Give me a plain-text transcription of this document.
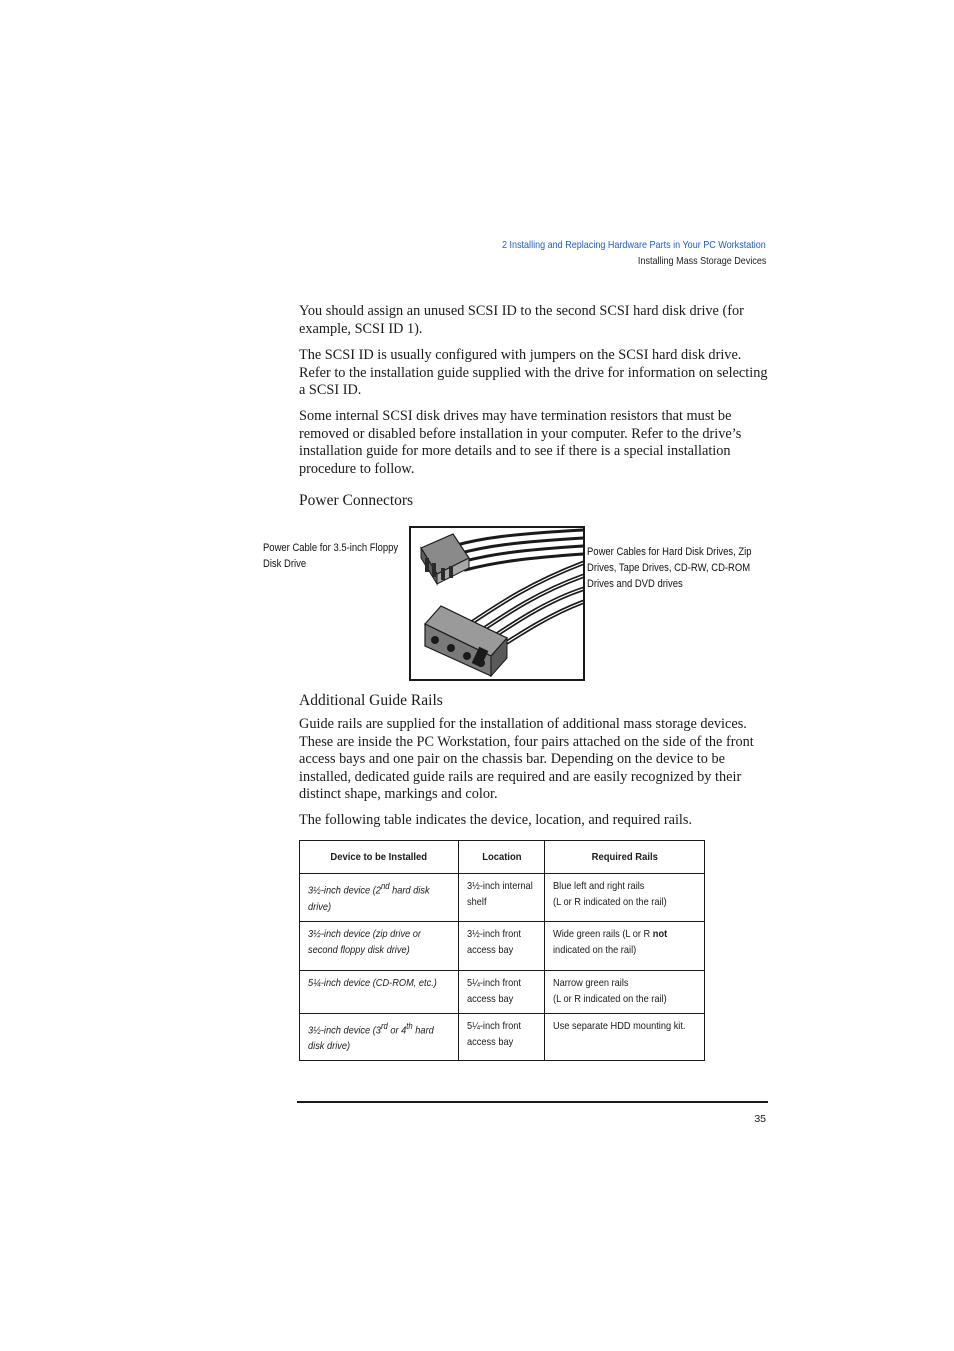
2 Installing and Replacing Hardware Parts in Your PC Workstation
Installing Mass Storage Devices

You should assign an unused SCSI ID to the second SCSI hard disk drive (for example, SCSI ID 1).

The SCSI ID is usually configured with jumpers on the SCSI hard disk drive. Refer to the installation guide supplied with the drive for information on selecting a SCSI ID.

Some internal SCSI disk drives may have termination resistors that must be removed or disabled before installation in your computer. Refer to the drive’s installation guide for more details and to see if there is a special installation procedure to follow.

Power Connectors
Power Cable for 3.5-inch Floppy Disk Drive
Power Cables for Hard Disk Drives, Zip Drives, Tape Drives, CD-RW, CD-ROM Drives and DVD drives
Additional Guide Rails

Guide rails are supplied for the installation of additional mass storage devices. These are inside the PC Workstation, four pairs attached on the side of the front access bays and one pair on the chassis bar. Depending on the device to be installed, dedicated guide rails are required and are easily recognized by their distinct shape, markings and color.

The following table indicates the device, location, and required rails.

Device to be Installed	Location	Required Rails

3½-inch device (2nd hard disk drive)	3½-inch internal shelf	Blue left and right rails
(L or R indicated on the rail)

3½-inch device (zip drive or second floppy disk drive)	3½-inch front access bay	Wide green rails (L or R not indicated on the rail)

5¼-inch device (CD-ROM, etc.)	5¼-inch front access bay	Narrow green rails
(L or R indicated on the rail)

3½-inch device (3rd or 4th hard disk drive)	5¼-inch front access bay	Use separate HDD mounting kit.
35
